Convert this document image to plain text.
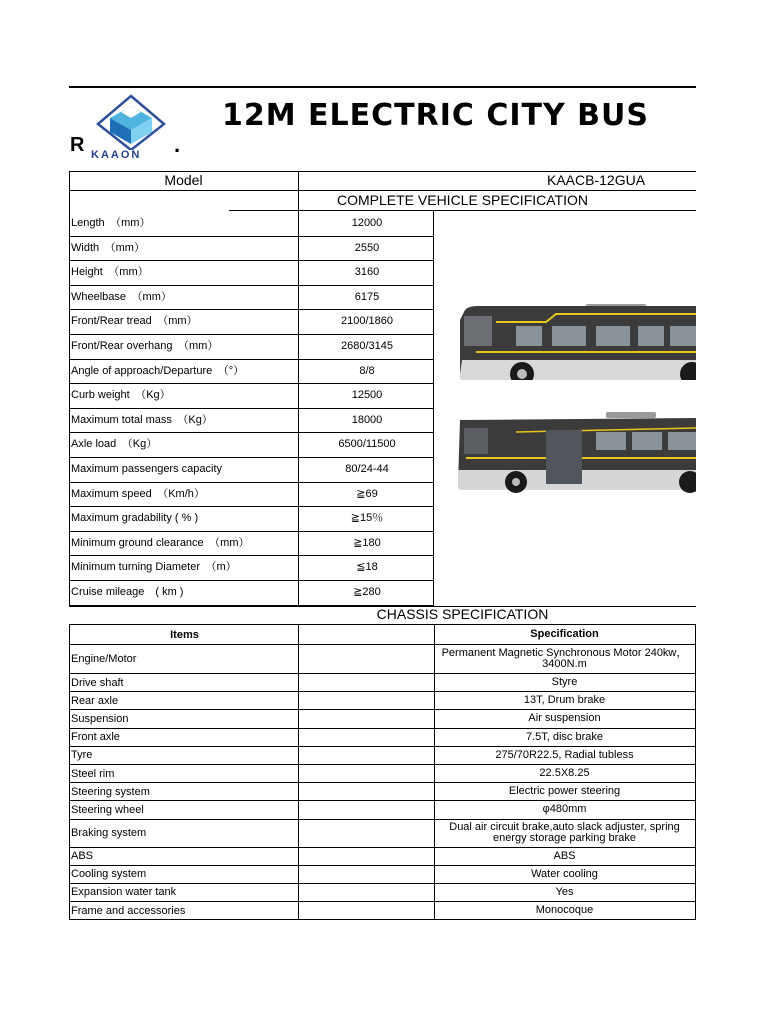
R KAAON .
12M ELECTRIC CITY BUS
Model	KAACB-12GUA
COMPLETE VEHICLE SPECIFICATION
Length　（mm）	12000
Width　（mm）	2550
Height　（mm）	3160
Wheelbase　（mm）	6175
Front/Rear tread　（mm）	2100/1860
Front/Rear overhang　（mm）	2680/3145
Angle of approach/Departure　（°）	8/8
Curb weight　（Kg）	12500
Maximum total mass　（Kg）	18000
Axle load　（Kg）	6500/11500
Maximum passengers capacity	80/24-44
Maximum speed　（Km/h）	≧69
Maximum gradability ( % )	≧15％
Minimum ground clearance　（mm）	≧180
Minimum turning Diameter　（m）	≦18
Cruise mileage　( km )	≧280
CHASSIS SPECIFICATION
Items	Specification
Engine/Motor	Permanent Magnetic Synchronous Motor 240kw，3400N.m
Drive shaft	Styre
Rear axle	13T, Drum brake
Suspension	Air suspension
Front axle	7.5T, disc brake
Tyre	275/70R22.5, Radial tubless
Steel rim	22.5X8.25
Steering system	Electric power steering
Steering wheel	φ480mm
Braking system	Dual air circuit brake,auto slack adjuster, spring energy storage parking brake
ABS	ABS
Cooling system	Water cooling
Expansion water tank	Yes
Frame and accessories	Monocoque
